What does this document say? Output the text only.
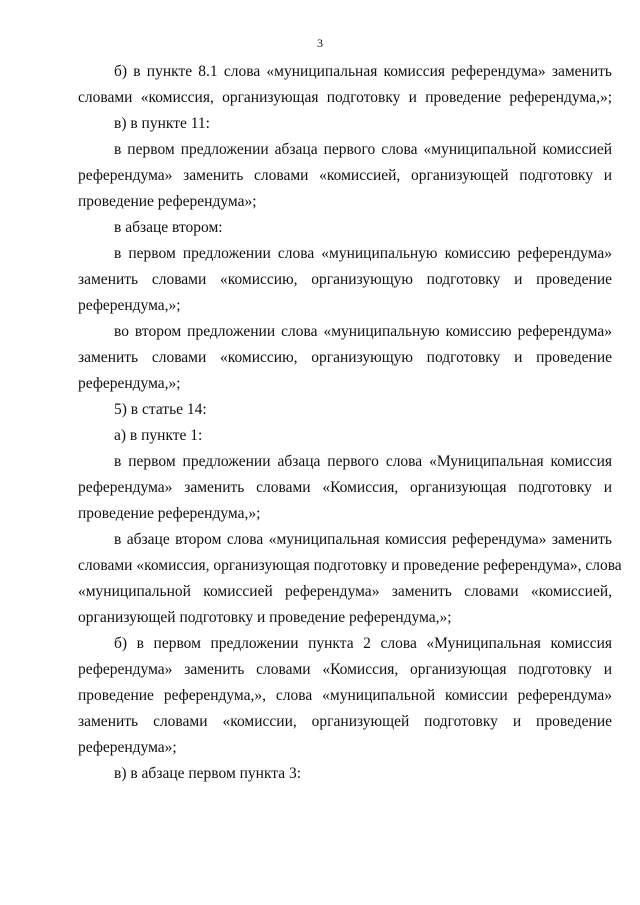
3
б) в пункте 8.1 слова «муниципальная комиссия референдума» заменить
словами «комиссия, организующая подготовку и проведение референдума,»;
в) в пункте 11:
в первом предложении абзаца первого слова «муниципальной комиссией
референдума» заменить словами «комиссией, организующей подготовку и
проведение референдума»;
в абзаце втором:
в первом предложении слова «муниципальную комиссию референдума»
заменить словами «комиссию, организующую подготовку и проведение
референдума,»;
во втором предложении слова «муниципальную комиссию референдума»
заменить словами «комиссию, организующую подготовку и проведение
референдума,»;
5) в статье 14:
а) в пункте 1:
в первом предложении абзаца первого слова «Муниципальная комиссия
референдума» заменить словами «Комиссия, организующая подготовку и
проведение референдума,»;
в абзаце втором слова «муниципальная комиссия референдума» заменить
словами «комиссия, организующая подготовку и проведение референдума», слова
«муниципальной комиссией референдума» заменить словами «комиссией,
организующей подготовку и проведение референдума,»;
б) в первом предложении пункта 2 слова «Муниципальная комиссия
референдума» заменить словами «Комиссия, организующая подготовку и
проведение референдума,», слова «муниципальной комиссии референдума»
заменить словами «комиссии, организующей подготовку и проведение
референдума»;
в) в абзаце первом пункта 3:
